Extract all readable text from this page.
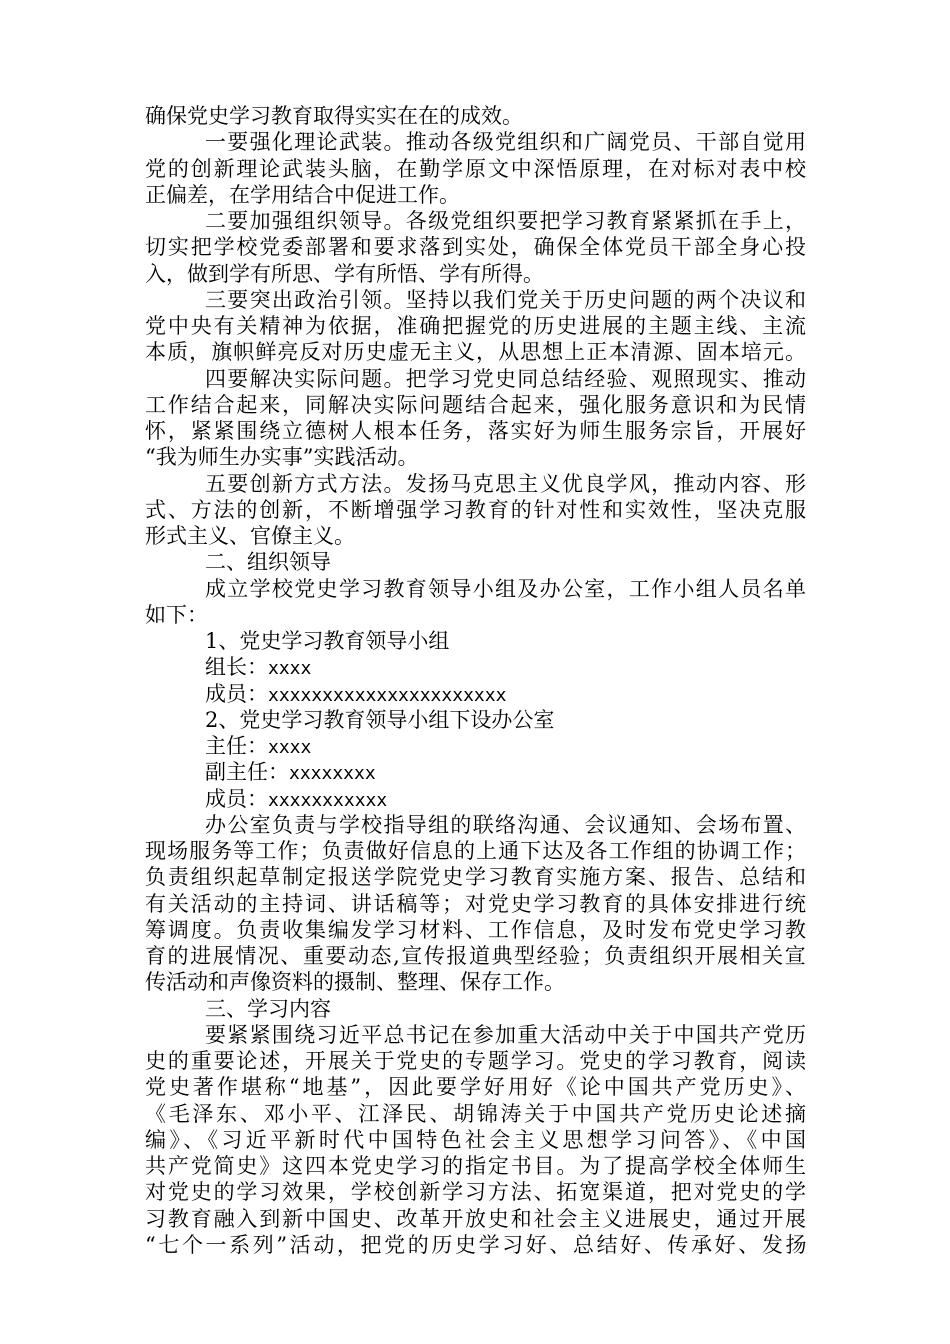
确保党史学习教育取得实实在在的成效。
一要强化理论武装。推动各级党组织和广阔党员、干部自觉用
党的创新理论武装头脑，在勤学原文中深悟原理，在对标对表中校
正偏差，在学用结合中促进工作。
二要加强组织领导。各级党组织要把学习教育紧紧抓在手上，
切实把学校党委部署和要求落到实处，确保全体党员干部全身心投
入，做到学有所思、学有所悟、学有所得。
三要突出政治引领。坚持以我们党关于历史问题的两个决议和
党中央有关精神为依据，准确把握党的历史进展的主题主线、主流
本质，旗帜鲜亮反对历史虚无主义，从思想上正本清源、固本培元。
四要解决实际问题。把学习党史同总结经验、观照现实、推动
工作结合起来，同解决实际问题结合起来，强化服务意识和为民情
怀，紧紧围绕立德树人根本任务，落实好为师生服务宗旨，开展好
“我为师生办实事”实践活动。
五要创新方式方法。发扬马克思主义优良学风，推动内容、形
式、方法的创新，不断增强学习教育的针对性和实效性，坚决克服
形式主义、官僚主义。
二、组织领导
成立学校党史学习教育领导小组及办公室，工作小组人员名单
如下：
1、党史学习教育领导小组
组长：xxxx
成员：xxxxxxxxxxxxxxxxxxxxxx
2、党史学习教育领导小组下设办公室
主任：xxxx
副主任：xxxxxxxx
成员：xxxxxxxxxxx
办公室负责与学校指导组的联络沟通、会议通知、会场布置、
现场服务等工作；负责做好信息的上通下达及各工作组的协调工作；
负责组织起草制定报送学院党史学习教育实施方案、报告、总结和
有关活动的主持词、讲话稿等；对党史学习教育的具体安排进行统
筹调度。负责收集编发学习材料、工作信息，及时发布党史学习教
育的进展情况、重要动态,宣传报道典型经验；负责组织开展相关宣
传活动和声像资料的摄制、整理、保存工作。
三、学习内容
要紧紧围绕习近平总书记在参加重大活动中关于中国共产党历
史的重要论述，开展关于党史的专题学习。党史的学习教育，阅读
党史著作堪称“地基”，因此要学好用好《论中国共产党历史》、
《毛泽东、邓小平、江泽民、胡锦涛关于中国共产党历史论述摘
编》、《习近平新时代中国特色社会主义思想学习问答》、《中国
共产党简史》这四本党史学习的指定书目。为了提高学校全体师生
对党史的学习效果，学校创新学习方法、拓宽渠道，把对党史的学
习教育融入到新中国史、改革开放史和社会主义进展史，通过开展
“七个一系列”活动，把党的历史学习好、总结好、传承好、发扬
